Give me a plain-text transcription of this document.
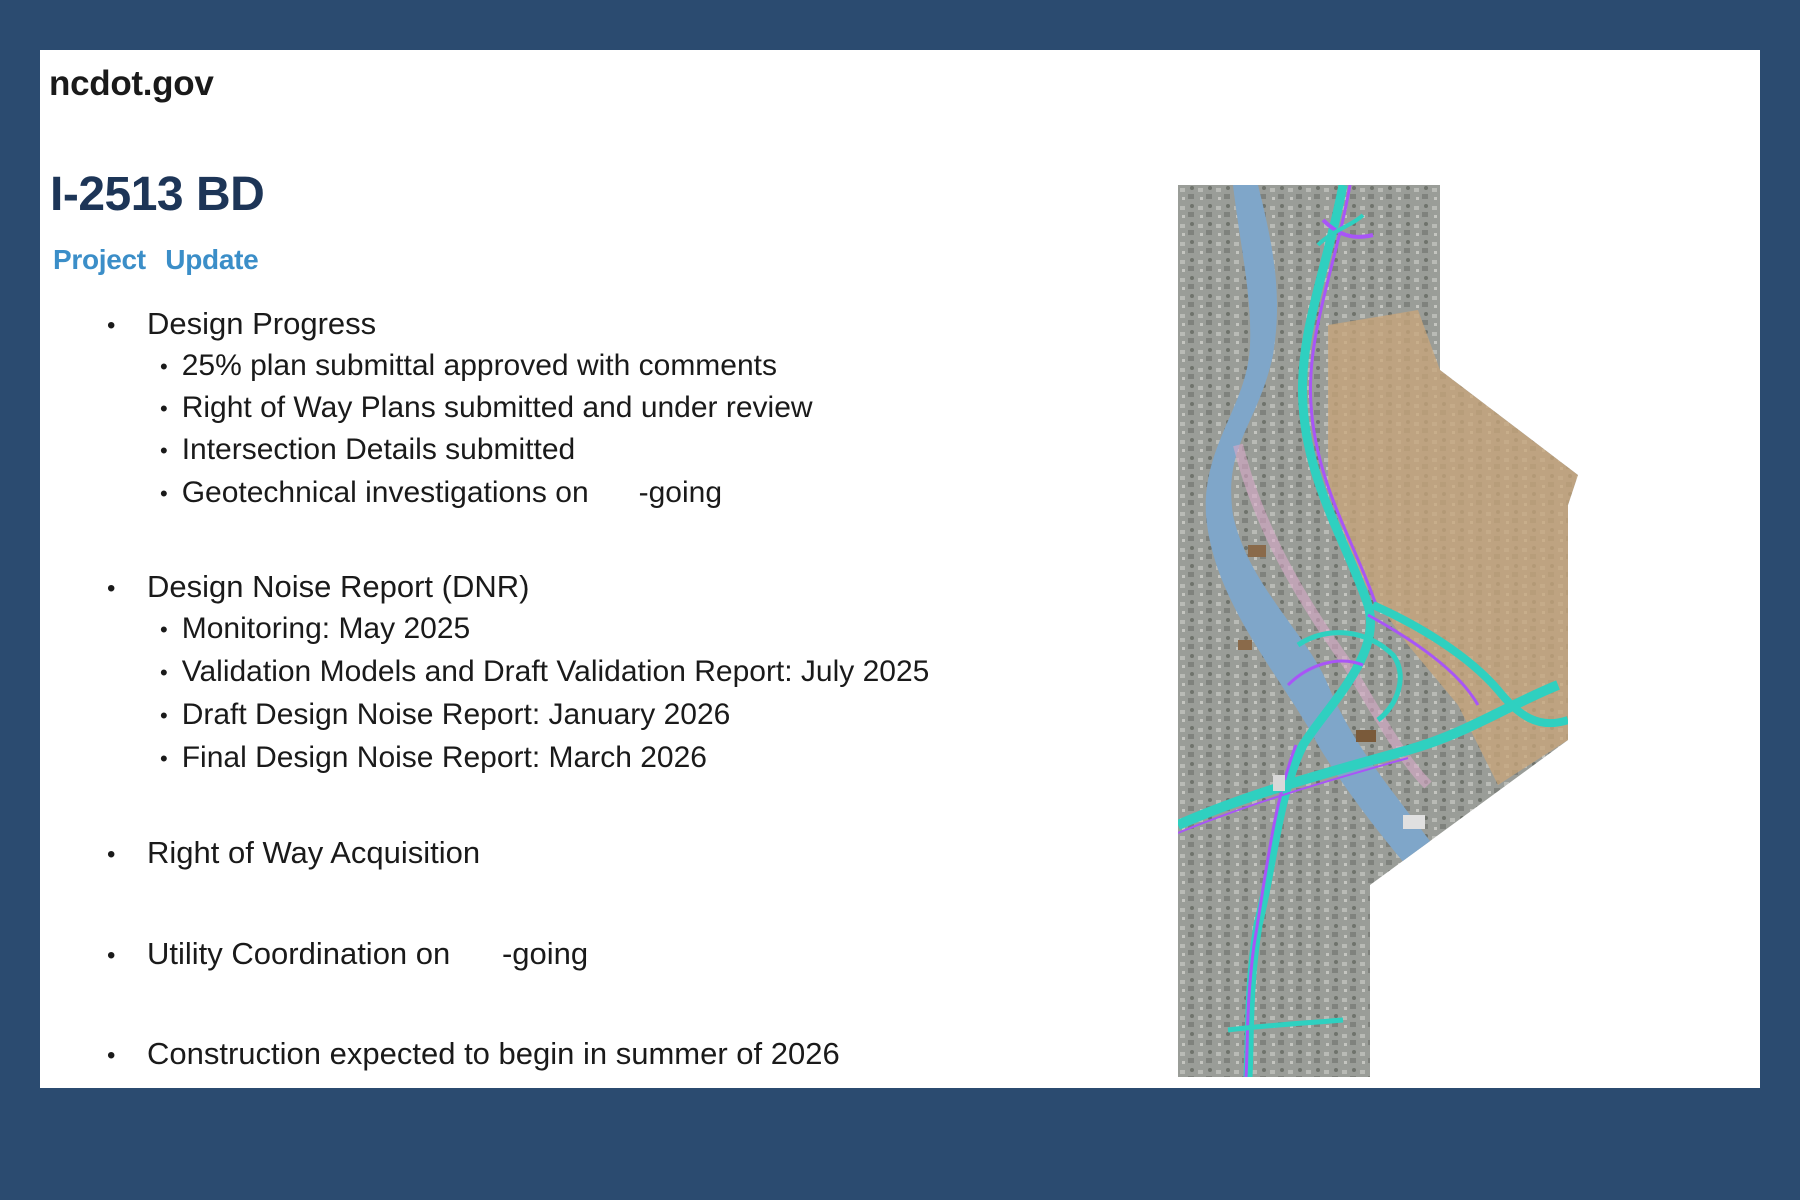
ncdot.gov
I-2513 BD
Project Update
• Design Progress
• 25% plan submittal approved with comments
• Right of Way Plans submitted and under review
• Intersection Details submitted
• Geotechnical investigations on      -going
• Design Noise Report (DNR)
• Monitoring: May 2025
• Validation Models and Draft Validation Report: July 2025
• Draft Design Noise Report: January 2026
• Final Design Noise Report: March 2026
• Right of Way Acquisition
• Utility Coordination on      -going
• Construction expected to begin in summer of 2026
